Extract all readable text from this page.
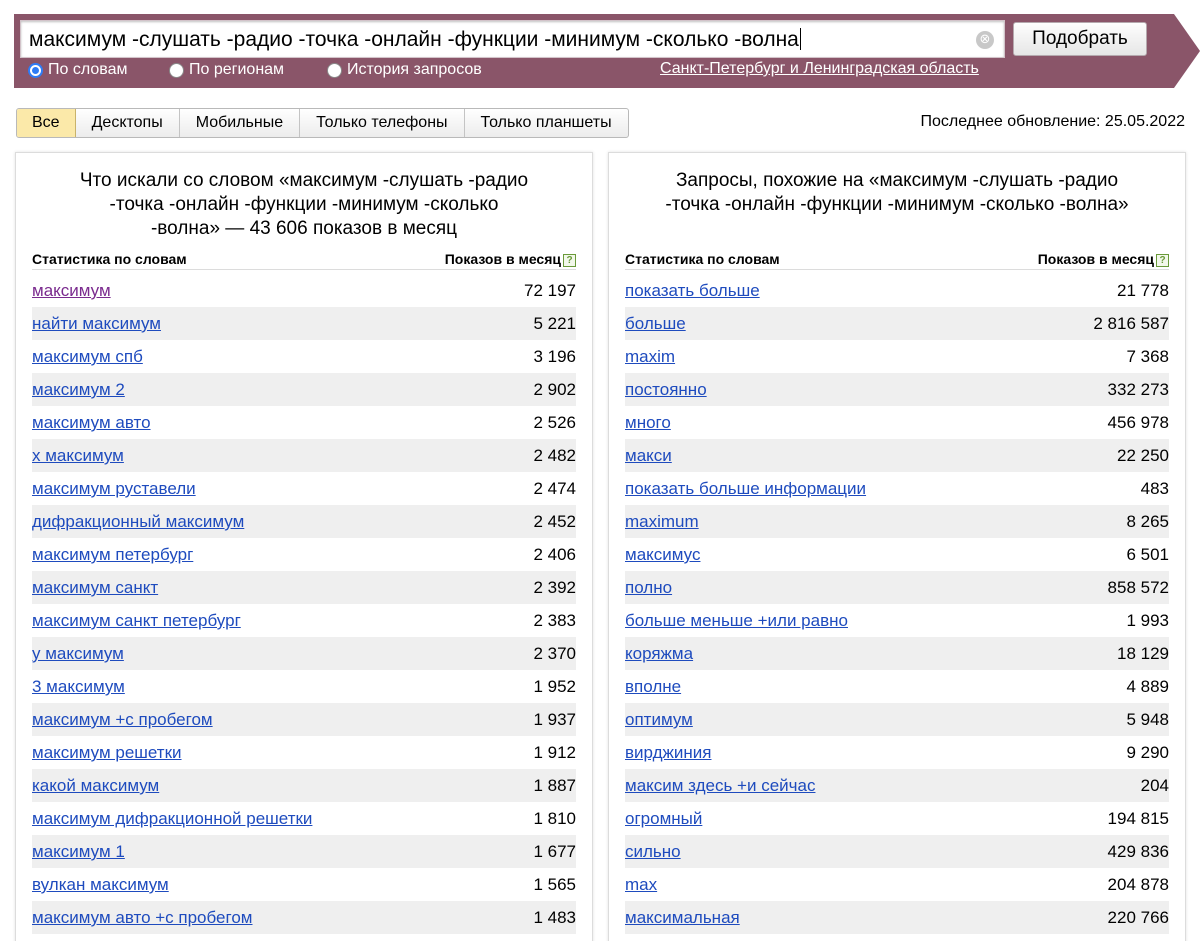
максимум -слушать -радио -точка -онлайн -функции -минимум -сколько -волна	⊗	Подобрать
По словам	По регионам	История запросов	Санкт-Петербург и Ленинградская область
Все	Десктопы	Мобильные	Только телефоны	Только планшеты	Последнее обновление: 25.05.2022
Что искали со словом «максимум -слушать -радио
-точка -онлайн -функции -минимум -сколько
-волна» — 43 606 показов в месяц
Статистика по словам	Показов в месяц ?
максимум	72 197
найти максимум	5 221
максимум спб	3 196
максимум 2	2 902
максимум авто	2 526
х максимум	2 482
максимум руставели	2 474
дифракционный максимум	2 452
максимум петербург	2 406
максимум санкт	2 392
максимум санкт петербург	2 383
у максимум	2 370
3 максимум	1 952
максимум +с пробегом	1 937
максимум решетки	1 912
какой максимум	1 887
максимум дифракционной решетки	1 810
максимум 1	1 677
вулкан максимум	1 565
максимум авто +с пробегом	1 483
Запросы, похожие на «максимум -слушать -радио
-точка -онлайн -функции -минимум -сколько -волна»
Статистика по словам	Показов в месяц ?
показать больше	21 778
больше	2 816 587
maxim	7 368
постоянно	332 273
много	456 978
макси	22 250
показать больше информации	483
maximum	8 265
максимус	6 501
полно	858 572
больше меньше +или равно	1 993
коряжма	18 129
вполне	4 889
оптимум	5 948
вирджиния	9 290
максим здесь +и сейчас	204
огромный	194 815
сильно	429 836
max	204 878
максимальная	220 766
